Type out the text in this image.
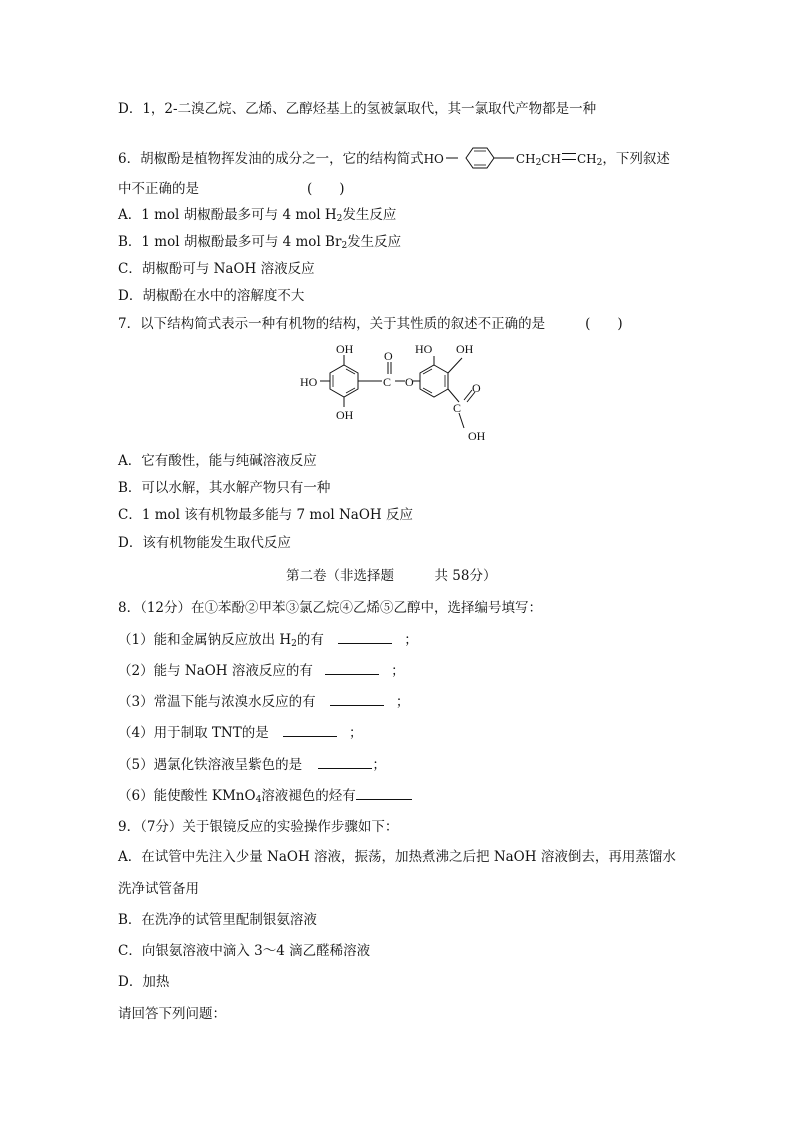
D．1，2-二溴乙烷、乙烯、乙醇烃基上的氢被氯取代，其一氯取代产物都是一种
6．胡椒酚是植物挥发油的成分之一，它的结构简式HO	$CH_2CH$ $CH_2$，下列叙述
中不正确的是	(　　)
A．1 mol 胡椒酚最多可与 4 mol $H_2$发生反应
B．1 mol 胡椒酚最多可与 4 mol $Br_2$发生反应
C．胡椒酚可与 NaOH 溶液反应
D．胡椒酚在水中的溶解度不大
7．以下结构简式表示一种有机物的结构，关于其性质的叙述不正确的是	(　　)
OH
HO
OH
O
C O
HO OH
O
C
OH
A．它有酸性，能与纯碱溶液反应
B．可以水解，其水解产物只有一种
C．1 mol 该有机物最多能与 7 mol NaOH 反应
D．该有机物能发生取代反应
第二卷（非选择题　　　共 58分）
8．（12分）在①苯酚②甲苯③氯乙烷④乙烯⑤乙醇中，选择编号填写：
（1）能和金属钠反应放出 $H_2$的有	；
（2）能与 NaOH 溶液反应的有	；
（3）常温下能与浓溴水反应的有	；
（4）用于制取 TNT的是	；
（5）遇氯化铁溶液呈紫色的是	；
（6）能使酸性 KMnO$_4$溶液褪色的烃有
9．（7分）关于银镜反应的实验操作步骤如下：
A．在试管中先注入少量 NaOH 溶液，振荡，加热煮沸之后把 NaOH 溶液倒去，再用蒸馏水
洗净试管备用
B．在洗净的试管里配制银氨溶液
C．向银氨溶液中滴入 3～4 滴乙醛稀溶液
D．加热
请回答下列问题：
